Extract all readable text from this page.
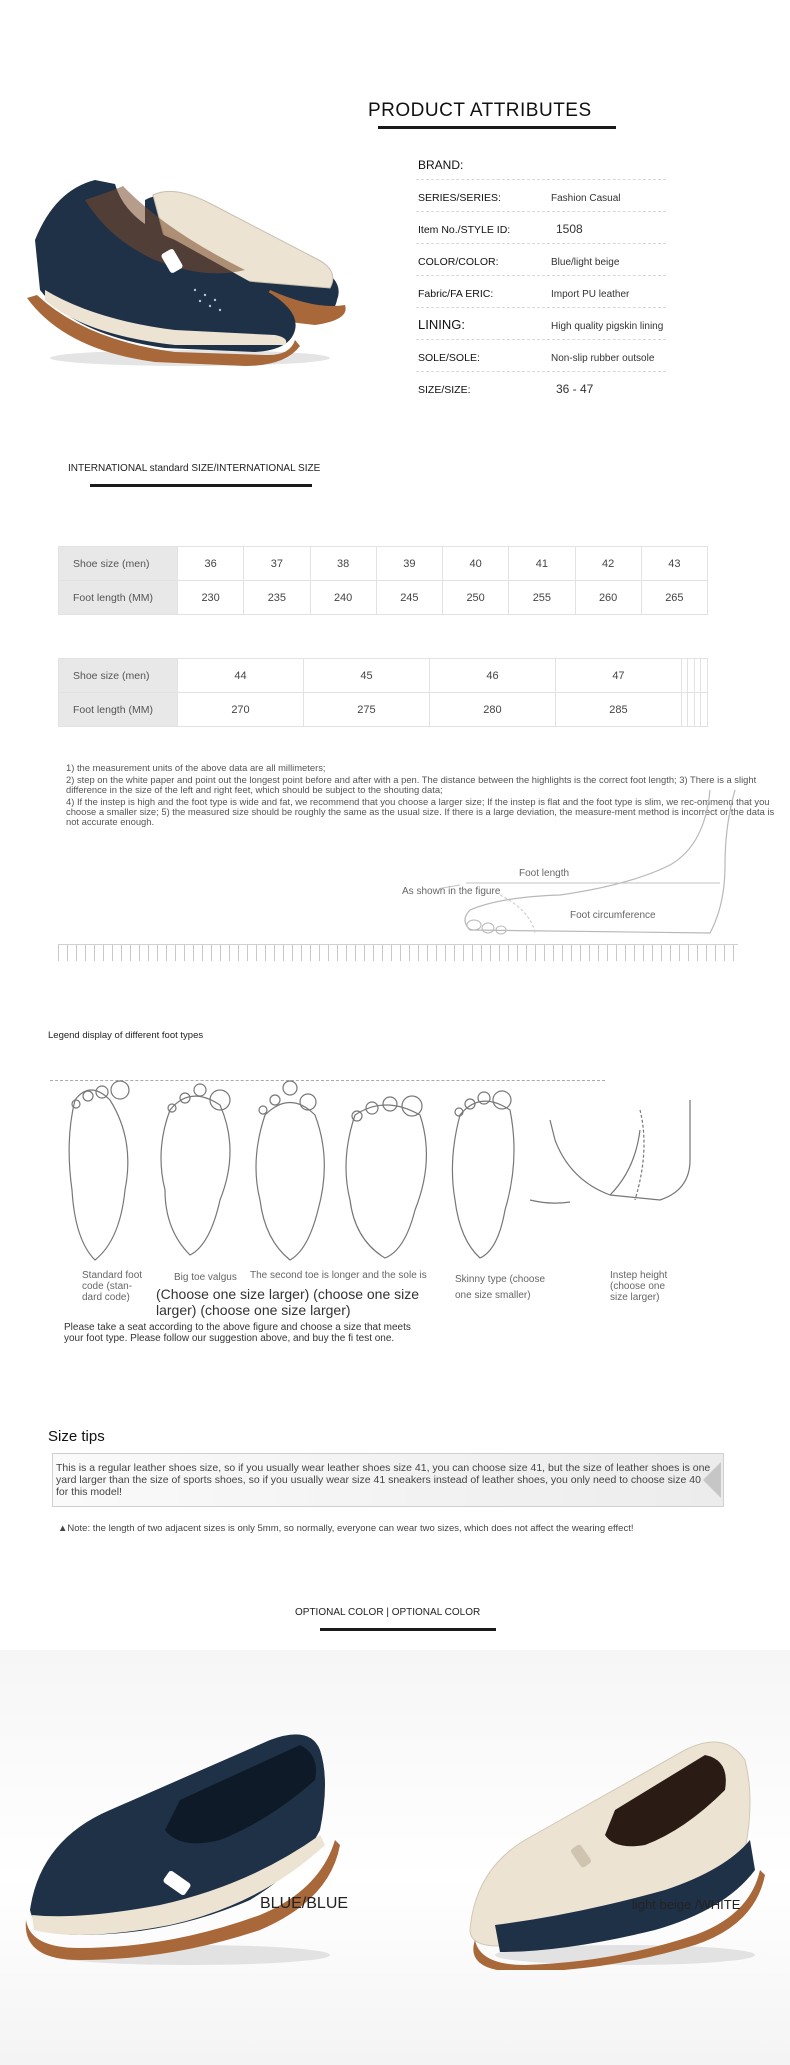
PRODUCT ATTRIBUTES
BRAND:
SERIES/SERIES:	Fashion Casual
Item No./STYLE ID:	1508
COLOR/COLOR:	Blue/light beige
Fabric/FA ERIC:	Import PU leather
LINING:	High quality pigskin lining
SOLE/SOLE:	Non-slip rubber outsole
SIZE/SIZE:	36 - 47
INTERNATIONAL standard SIZE/INTERNATIONAL SIZE
Shoe size (men)	36	37	38	39	40	41	42	43
Foot length (MM)	230	235	240	245	250	255	260	265
Shoe size (men)	44	45	46	47				
Foot length (MM)	270	275	280	285				

1) the measurement units of the above data are all millimeters;

2) step on the white paper and point out the longest point before and after with a pen. The distance between the highlights is the correct foot length; 3) There is a slight difference in the size of the left and right feet, which should be subject to the shouting data;

4) If the instep is high and the foot type is wide and fat, we recommend that you choose a larger size; If the instep is flat and the foot type is slim, we rec-ommend that you choose a smaller size; 5) the measured size should be roughly the same as the usual size. If there is a large deviation, the measure-ment method is incorrect or the data is not accurate enough.

Foot length
As shown in the figure
Foot circumference
Legend display of different foot types
Standard foot code (stan-dard code)
Big toe valgus The second toe is longer and the sole is
(Choose one size larger) (choose one size larger) (choose one size larger)
Skinny type (choose one size smaller)
Instep height (choose one size larger)
Please take a seat according to the above figure and choose a size that meets your foot type. Please follow our suggestion above, and buy the fi test one.
Size tips
This is a regular leather shoes size, so if you usually wear leather shoes size 41, you can choose size 41, but the size of leather shoes is one yard larger than the size of sports shoes, so if you usually wear size 41 sneakers instead of leather shoes, you only need to choose size 40 for this model!
▲Note: the length of two adjacent sizes is only 5mm, so normally, everyone can wear two sizes, which does not affect the wearing effect!
OPTIONAL COLOR | OPTIONAL COLOR
BLUE/BLUE	light beige /WHITE
